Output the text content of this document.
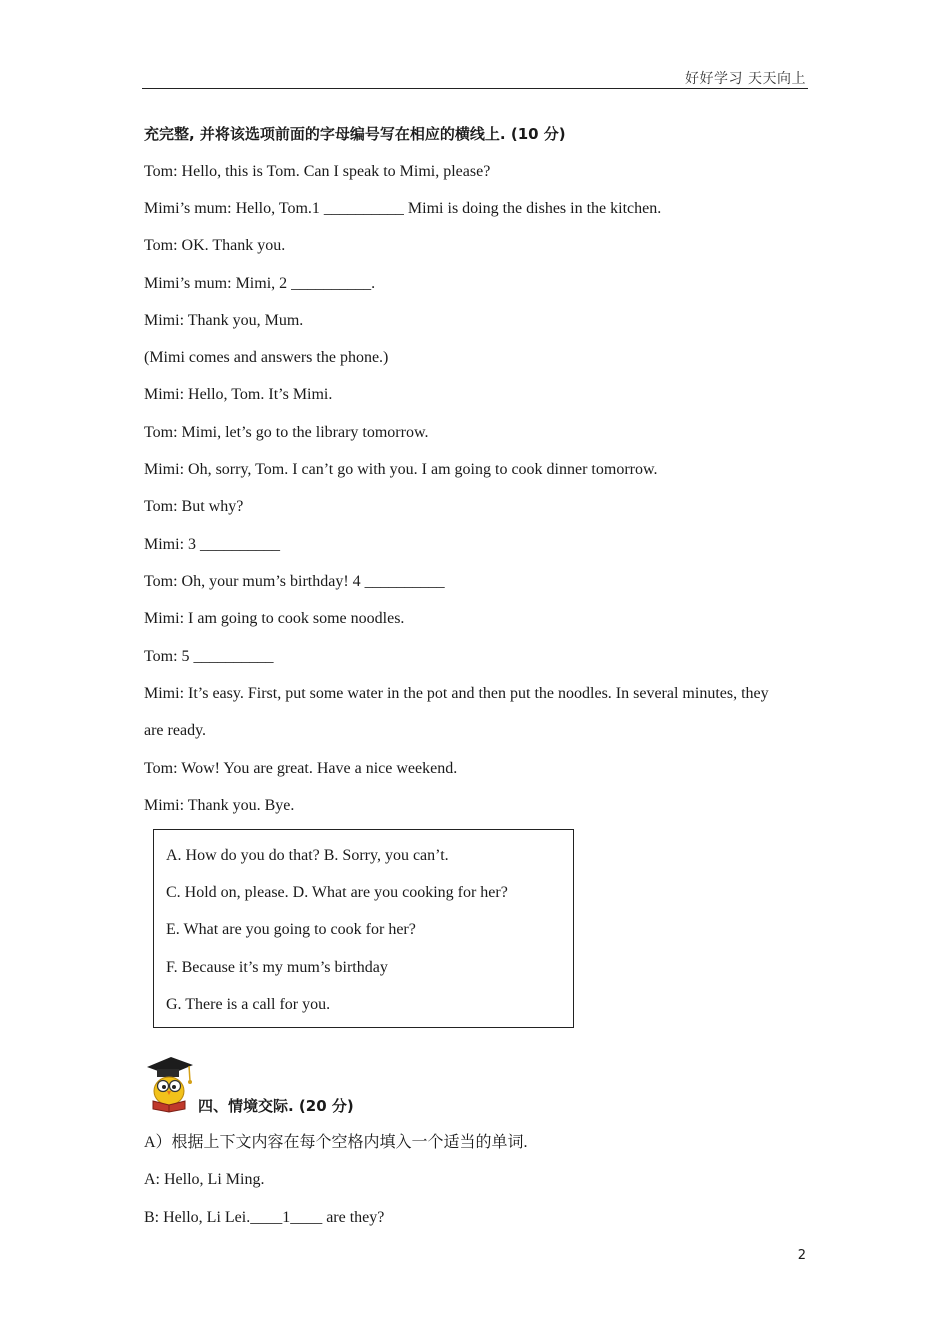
好好学习 天天向上
充完整, 并将该选项前面的字母编号写在相应的横线上. (10 分)
Tom: Hello, this is Tom. Can I speak to Mimi, please?
Mimi’s mum: Hello, Tom.1 __________ Mimi is doing the dishes in the kitchen.
Tom: OK. Thank you.
Mimi’s mum: Mimi, 2 __________.
Mimi: Thank you, Mum.
(Mimi comes and answers the phone.)
Mimi: Hello, Tom. It’s Mimi.
Tom: Mimi, let’s go to the library tomorrow.
Mimi: Oh, sorry, Tom. I can’t go with you. I am going to cook dinner tomorrow.
Tom: But why?
Mimi: 3 __________
Tom: Oh, your mum’s birthday! 4 __________
Mimi: I am going to cook some noodles.
Tom: 5 __________
Mimi: It’s easy. First, put some water in the pot and then put the noodles. In several minutes, they
are ready.
Tom: Wow! You are great. Have a nice weekend.
Mimi: Thank you. Bye.
A. How do you do that? B. Sorry, you can’t.
C. Hold on, please. D. What are you cooking for her?
E. What are you going to cook for her?
F. Because it’s my mum’s birthday
G. There is a call for you.
四、情境交际. (20 分)
A）根据上下文内容在每个空格内填入一个适当的单词.
A: Hello, Li Ming.
B: Hello, Li Lei.____1____ are they?
2
